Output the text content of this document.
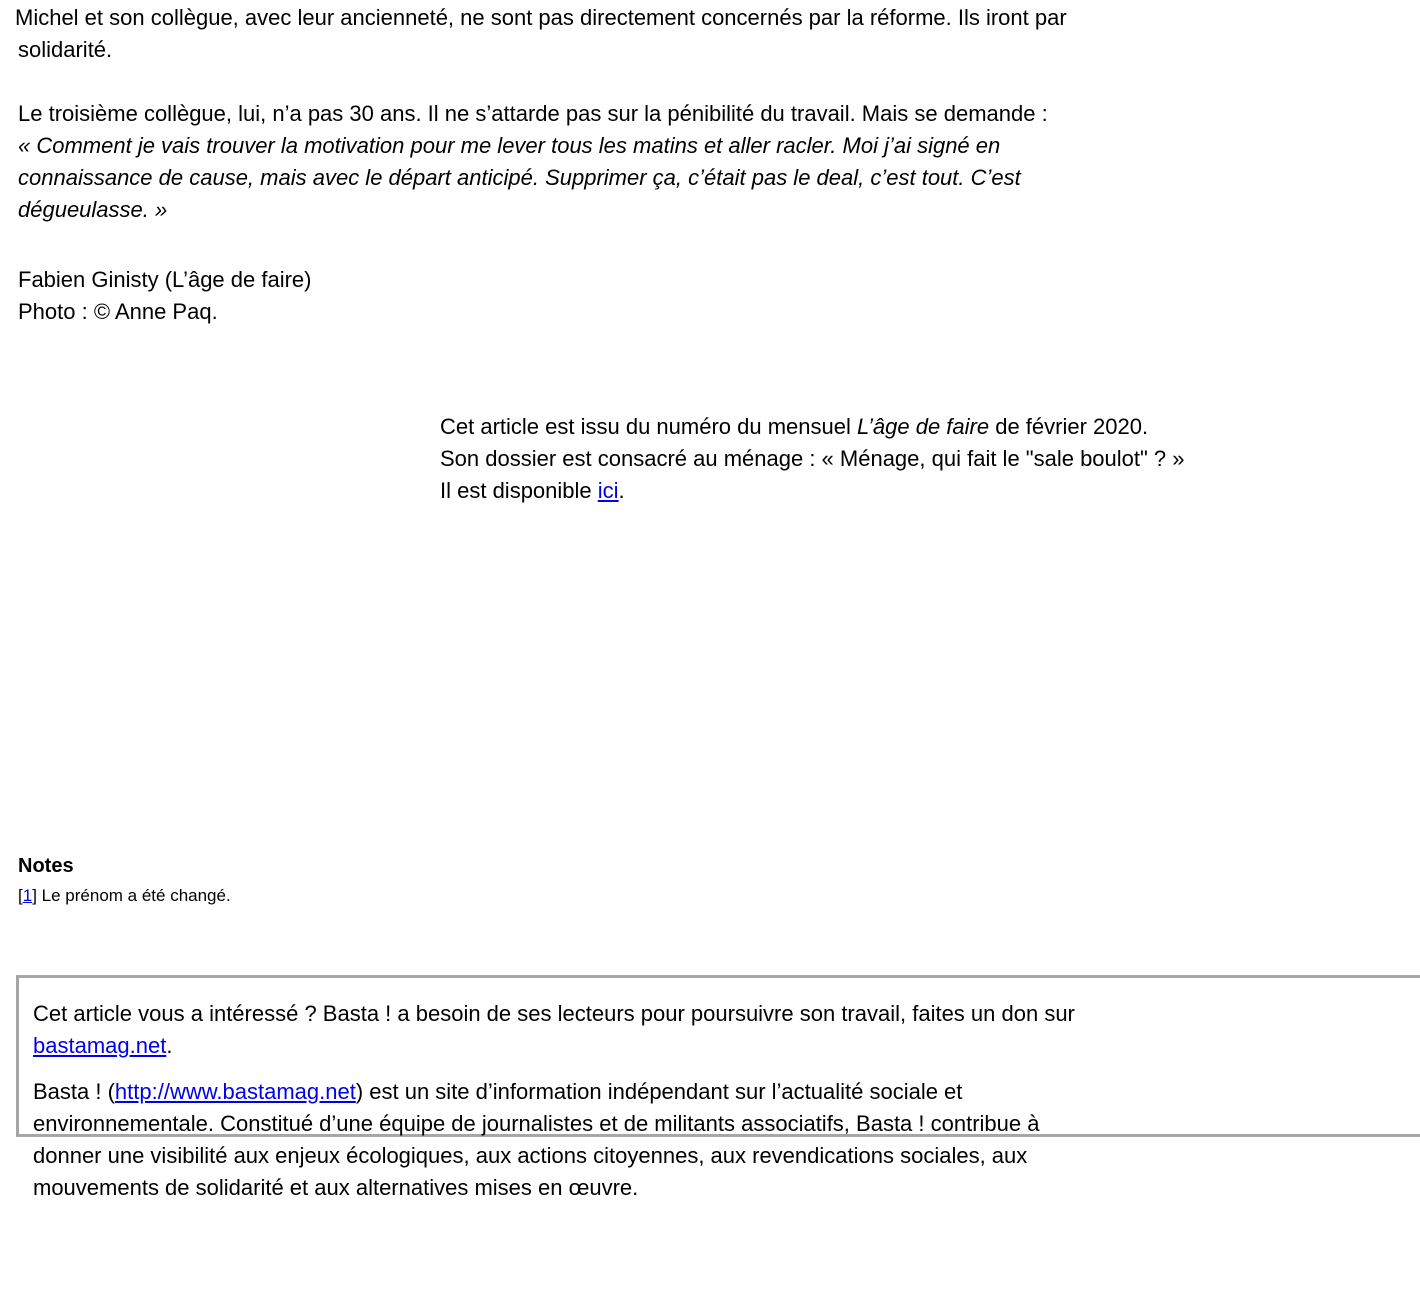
Michel et son collègue, avec leur ancienneté, ne sont pas directement concernés par la réforme. Ils iront par
solidarité.

Le troisième collègue, lui, n’a pas 30 ans. Il ne s’attarde pas sur la pénibilité du travail. Mais se demande :
« Comment je vais trouver la motivation pour me lever tous les matins et aller racler. Moi j’ai signé en
connaissance de cause, mais avec le départ anticipé. Supprimer ça, c’était pas le deal, c’est tout. C’est
dégueulasse. »

Fabien Ginisty (L’âge de faire)
Photo : © Anne Paq.

Cet article est issu du numéro du mensuel L’âge de faire de février 2020.
Son dossier est consacré au ménage : « Ménage, qui fait le "sale boulot" ? »
Il est disponible ici.

Notes

[1] Le prénom a été changé.

Cet article vous a intéressé ? Basta ! a besoin de ses lecteurs pour poursuivre son travail, faites un don sur
bastamag.net.

Basta ! (http://www.bastamag.net) est un site d’information indépendant sur l’actualité sociale et
environnementale. Constitué d’une équipe de journalistes et de militants associatifs, Basta ! contribue à
donner une visibilité aux enjeux écologiques, aux actions citoyennes, aux revendications sociales, aux
mouvements de solidarité et aux alternatives mises en œuvre.
